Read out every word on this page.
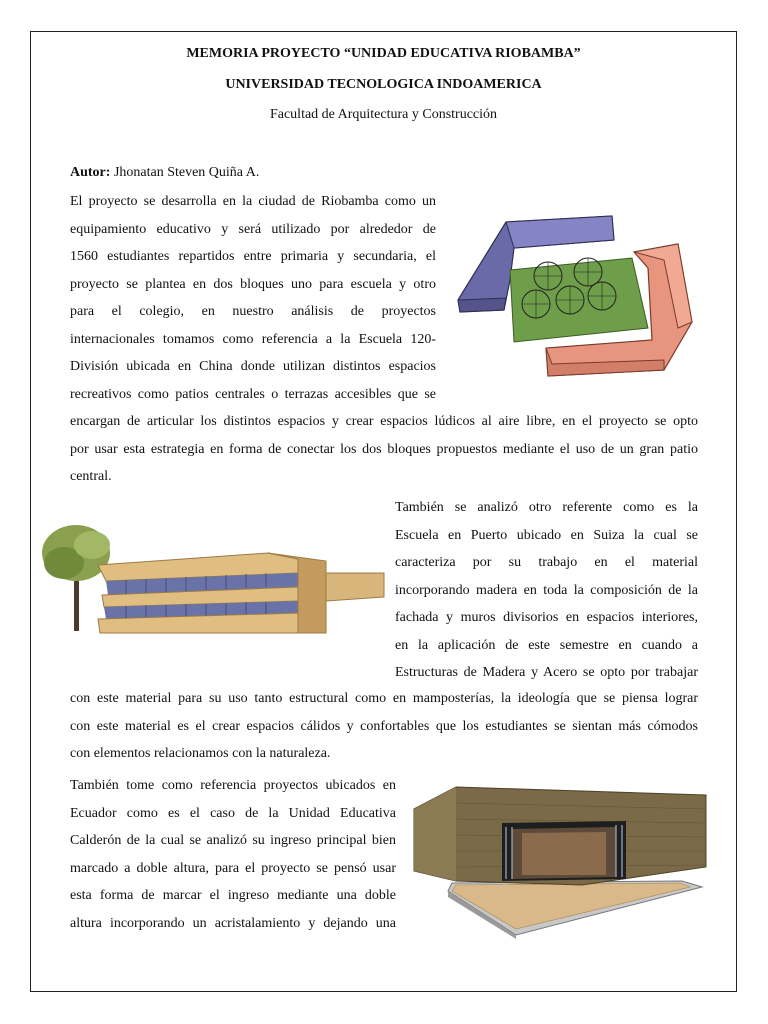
MEMORIA PROYECTO “UNIDAD EDUCATIVA RIOBAMBA”
UNIVERSIDAD TECNOLOGICA INDOAMERICA
Facultad de Arquitectura y Construcción
Autor: Jhonatan Steven Quiña A.
El proyecto se desarrolla en la ciudad de Riobamba como un
equipamiento educativo y será utilizado por alrededor de
1560 estudiantes repartidos entre primaria y secundaria, el
proyecto se plantea en dos bloques uno para escuela y otro
para el colegio, en nuestro análisis de proyectos
internacionales tomamos como referencia a la Escuela 120-
División ubicada en China donde utilizan distintos espacios
recreativos como patios centrales o terrazas accesibles que se
encargan de articular los distintos espacios y crear espacios lúdicos al aire libre, en el proyecto se opto
por usar esta estrategia en forma de conectar los dos bloques propuestos mediante el uso de un gran patio
central.
También se analizó otro referente como es la
Escuela en Puerto ubicado en Suiza la cual se
caracteriza por su trabajo en el material
incorporando madera en toda la composición de la
fachada y muros divisorios en espacios interiores,
en la aplicación de este semestre en cuando a
Estructuras de Madera y Acero se opto por trabajar
con este material para su uso tanto estructural como en mamposterías, la ideología que se piensa lograr
con este material es el crear espacios cálidos y confortables que los estudiantes se sientan más cómodos
con elementos relacionamos con la naturaleza.
También tome como referencia proyectos ubicados en
Ecuador como es el caso de la Unidad Educativa
Calderón de la cual se analizó su ingreso principal bien
marcado a doble altura, para el proyecto se pensó usar
esta forma de marcar el ingreso mediante una doble
altura incorporando un acristalamiento y dejando una
